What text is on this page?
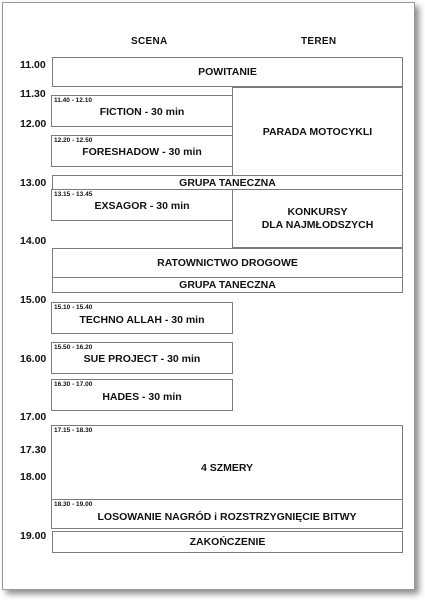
SCENA	TEREN
11.00
11.30
12.00
13.00
14.00
15.00
16.00
17.00
17.30
18.00
19.00
POWITANIE
11.40 - 12.10
FICTION - 30 min
12.20 - 12.50
FORESHADOW - 30 min
PARADA MOTOCYKLI
GRUPA TANECZNA
13.15 - 13.45
EXSAGOR - 30 min	KONKURSY
DLA NAJMŁODSZYCH
RATOWNICTWO DROGOWE
GRUPA TANECZNA
15.10 - 15.40
TECHNO ALLAH - 30 min
15.50 - 16.20
SUE PROJECT - 30 min
16.30 - 17.00
HADES - 30 min
17.15 - 18.30
4 SZMERY
18.30 - 19.00
LOSOWANIE NAGRÓD i ROZSTRZYGNIĘCIE BITWY
ZAKOŃCZENIE
